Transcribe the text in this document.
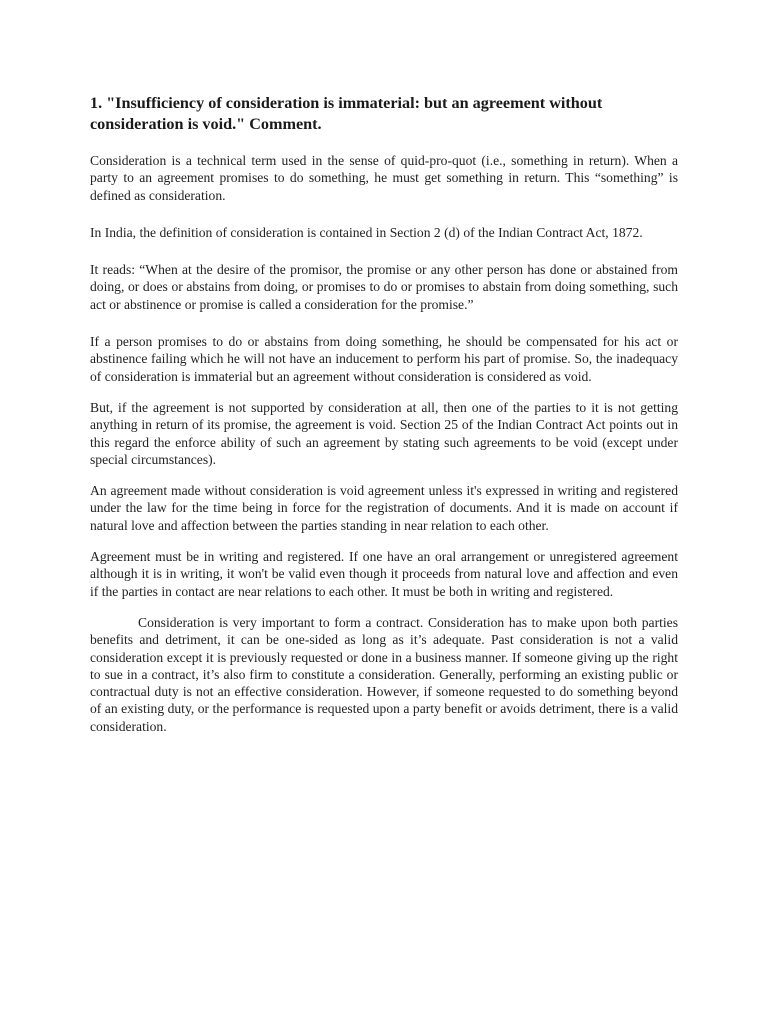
1. "Insufficiency of consideration is immaterial: but an agreement without consideration is void." Comment.

Consideration is a technical term used in the sense of quid-pro-quot (i.e., something in return). When a party to an agreement promises to do something, he must get something in return. This “something” is defined as consideration.

In India, the definition of consideration is contained in Section 2 (d) of the Indian Contract Act, 1872.

It reads: “When at the desire of the promisor, the promise or any other person has done or abstained from doing, or does or abstains from doing, or promises to do or promises to abstain from doing something, such act or abstinence or promise is called a consideration for the promise.”

If a person promises to do or abstains from doing something, he should be compensated for his act or abstinence failing which he will not have an inducement to perform his part of promise. So, the inadequacy of consideration is immaterial but an agreement without consideration is considered as void.

But, if the agreement is not supported by consideration at all, then one of the parties to it is not getting anything in return of its promise, the agreement is void. Section 25 of the Indian Contract Act points out in this regard the enforce ability of such an agreement by stating such agreements to be void (except under special circumstances).

An agreement made without consideration is void agreement unless it's expressed in writing and registered under the law for the time being in force for the registration of documents. And it is made on account if natural love and affection between the parties standing in near relation to each other.

Agreement must be in writing and registered. If one have an oral arrangement or unregistered agreement although it is in writing, it won't be valid even though it proceeds from natural love and affection and even if the parties in contact are near relations to each other. It must be both in writing and registered.

Consideration is very important to form a contract. Consideration has to make upon both parties benefits and detriment, it can be one-sided as long as it’s adequate. Past consideration is not a valid consideration except it is previously requested or done in a business manner. If someone giving up the right to sue in a contract, it’s also firm to constitute a consideration. Generally, performing an existing public or contractual duty is not an effective consideration. However, if someone requested to do something beyond of an existing duty, or the performance is requested upon a party benefit or avoids detriment, there is a valid consideration.
